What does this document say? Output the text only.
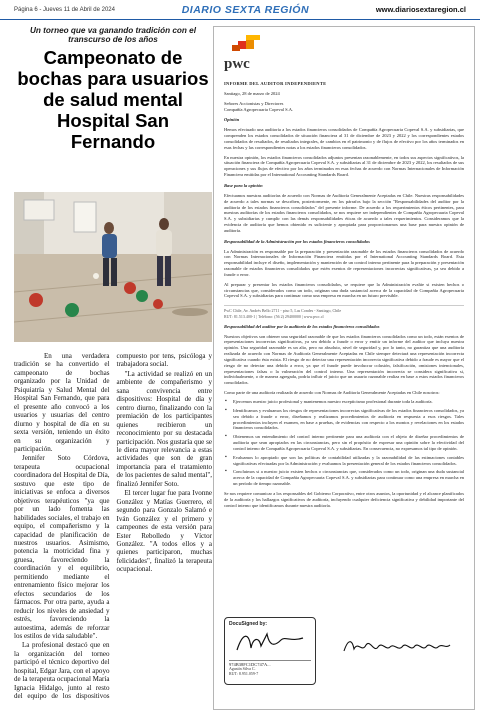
Página 6 - Jueves 11 de Abril de 2024	DIARIO SEXTA REGIÓN	www.diariosextaregion.cl
Un torneo que va ganando tradición con el transcurso de los años
Campeonato de bochas para usuarios de salud mental Hospital San Fernando

En una verdadera tradición se ha convertido el campeonato de bochas organizado por la Unidad de Psiquiatría y Salud Mental del Hospital San Fernando, que para el presente año convocó a los usuarios y usuarias del centro diurno y hospital de día en su sexta versión, teniendo un éxito en su organización y participación.

Jennifer Soto Córdova, terapeuta ocupacional coordinadora del Hospital de Día, sostuvo que este tipo de iniciativas se enfoca a diversos objetivos terapéuticos "ya que por un lado fomenta las habilidades sociales, el trabajo en equipo, el compañerismo y la capacidad de planificación de nuestros usuarios. Asimismo, potencia la motricidad fina y gruesa, favoreciendo la coordinación y el equilibrio, permitiendo mediante el entrenamiento físico mejorar los efectos secundarios de los fármacos. Por otra parte, ayuda a reducir los niveles de ansiedad y estrés, favoreciendo la autoestima, además de reforzar los estilos de vida saludable".

La profesional destacó que en la organización del torneo participó el técnico deportivo del hospital, Edgar Jara, con el apoyo de la terapeuta ocupacional María Ignacia Hidalgo, junto al resto del equipo de los dispositivos compuesto por tens, psicóloga y trabajadora social.

"La actividad se realizó en un ambiente de compañerismo y sana convivencia entre dispositivos: Hospital de día y centro diurno, finalizando con la premiación de los participantes quienes recibieron un reconocimiento por su destacada participación. Nos gustaría que se le diera mayor relevancia a estas actividades que son de gran importancia para el tratamiento de los pacientes de salud mental", finalizó Jennifer Soto.

El tercer lugar fue para Ivonne González y Matías Guerrero, el segundo para Gonzalo Salamó e Iván González y el primero y campeones de esta versión para Ester Rebolledo y Víctor González. "A todos ellos y a quienes participaron, muchas felicidades", finalizó la terapeuta ocupacional.

pwc
INFORME DEL AUDITOR INDEPENDIENTE

Santiago, 28 de marzo de 2024

Señores Accionistas y Directores
Compañía Agropecuaria Copeval S.A.

Opinión

Hemos efectuado una auditoría a los estados financieros consolidados de Compañía Agropecuaria Copeval S.A. y subsidiarias, que comprenden los estados consolidados de situación financiera al 31 de diciembre de 2023 y 2022 y los correspondientes estados consolidados de resultados, de resultados integrales, de cambios en el patrimonio y de flujos de efectivo por los años terminados en esas fechas y las correspondientes notas a los estados financieros consolidados.

En nuestra opinión, los estados financieros consolidados adjuntos presentan razonablemente, en todos sus aspectos significativos, la situación financiera de Compañía Agropecuaria Copeval S.A. y subsidiarias al 31 de diciembre de 2023 y 2022, los resultados de sus operaciones y sus flujos de efectivo por los años terminados en esas fechas de acuerdo con Normas Internacionales de Información Financiera emitidas por el International Accounting Standards Board.

Base para la opinión

Efectuamos nuestras auditorías de acuerdo con Normas de Auditoría Generalmente Aceptadas en Chile. Nuestras responsabilidades de acuerdo a tales normas se describen, posteriormente, en los párrafos bajo la sección "Responsabilidades del auditor por la auditoría de los estados financieros consolidados" del presente informe. De acuerdo a los requerimientos éticos pertinentes, para nuestras auditorías de los estados financieros consolidados, se nos requiere ser independientes de Compañía Agropecuaria Copeval S.A. y subsidiarias y cumplir con las demás responsabilidades éticas de acuerdo a tales requerimientos. Consideramos que la evidencia de auditoría que hemos obtenido es suficiente y apropiada para proporcionarnos una base para nuestra opinión de auditoría.

Responsabilidad de la Administración por los estados financieros consolidados

La Administración es responsable por la preparación y presentación razonable de los estados financieros consolidados de acuerdo con Normas Internacionales de Información Financiera emitidas por el International Accounting Standards Board. Esta responsabilidad incluye el diseño, implementación y mantención de un control interno pertinente para la preparación y presentación razonable de estados financieros consolidados que estén exentos de representaciones incorrectas significativas, ya sea debido a fraude o error.

Al preparar y presentar los estados financieros consolidados, se requiere que la Administración evalúe si existen hechos o circunstancias que, considerados como un todo, originan una duda sustancial acerca de la capacidad de Compañía Agropecuaria Copeval S.A. y subsidiarias para continuar como una empresa en marcha en un futuro previsible.

PwC Chile, Av. Andrés Bello 2711 - piso 5, Las Condes - Santiago, Chile
RUT: 81.513.400-1 | Teléfono: (56 2) 29400000 | www.pwc.cl
Responsabilidad del auditor por la auditoría de los estados financieros consolidados

Nuestros objetivos son obtener una seguridad razonable de que los estados financieros consolidados como un todo, están exentos de representaciones incorrectas significativas, ya sea debido a fraude o error y emitir un informe del auditor que incluya nuestra opinión. Una seguridad razonable es un alto, pero no absoluto, nivel de seguridad y, por lo tanto, no garantiza que una auditoría realizada de acuerdo con Normas de Auditoría Generalmente Aceptadas en Chile siempre detectará una representación incorrecta significativa cuando ésta exista. El riesgo de no detectar una representación incorrecta significativa debido a fraude es mayor que el riesgo de no detectar una debido a error, ya que el fraude puede involucrar colusión, falsificación, omisiones intencionales, representaciones falsas o la vulneración del control interno. Una representación incorrecta se considera significativa si, individualmente, o de manera agregada, podría influir el juicio que un usuario razonable realiza en base a estos estados financieros consolidados.

Como parte de una auditoría realizada de acuerdo con Normas de Auditoría Generalmente Aceptadas en Chile nosotros:

▪ Ejercemos nuestro juicio profesional y mantenemos nuestro escepticismo profesional durante toda la auditoría.
▪ Identificamos y evaluamos los riesgos de representaciones incorrectas significativas de los estados financieros consolidados, ya sea debido a fraude o error, diseñamos y realizamos procedimientos de auditoría en respuesta a esos riesgos. Tales procedimientos incluyen el examen, en base a pruebas, de evidencias con respecto a los montos y revelaciones en los estados financieros consolidados.
▪ Obtenemos un entendimiento del control interno pertinente para una auditoría con el objeto de diseñar procedimientos de auditoría que sean apropiados en las circunstancias, pero sin el propósito de expresar una opinión sobre la efectividad del control interno de Compañía Agropecuaria Copeval S.A. y subsidiarias. En consecuencia, no expresamos tal tipo de opinión.
▪ Evaluamos lo apropiado que son las políticas de contabilidad utilizadas y la razonabilidad de las estimaciones contables significativas efectuadas por la Administración y evaluamos la presentación general de los estados financieros consolidados.
▪ Concluimos si a nuestro juicio existen hechos o circunstancias que, considerados como un todo, originan una duda sustancial acerca de la capacidad de Compañía Agropecuaria Copeval S.A. y subsidiarias para continuar como una empresa en marcha en un período de tiempo razonable.

Se nos requiere comunicar a los responsables del Gobierno Corporativo, entre otros asuntos, la oportunidad y el alcance planificados de la auditoría y los hallazgos significativos de auditoría, incluyendo cualquier deficiencia significativa y debilidad importante del control interno que identificamos durante nuestra auditoría.

DocuSigned by:
974B38FC1DC747A...
Agustín Silva C.
RUT: 8.951.059-7
